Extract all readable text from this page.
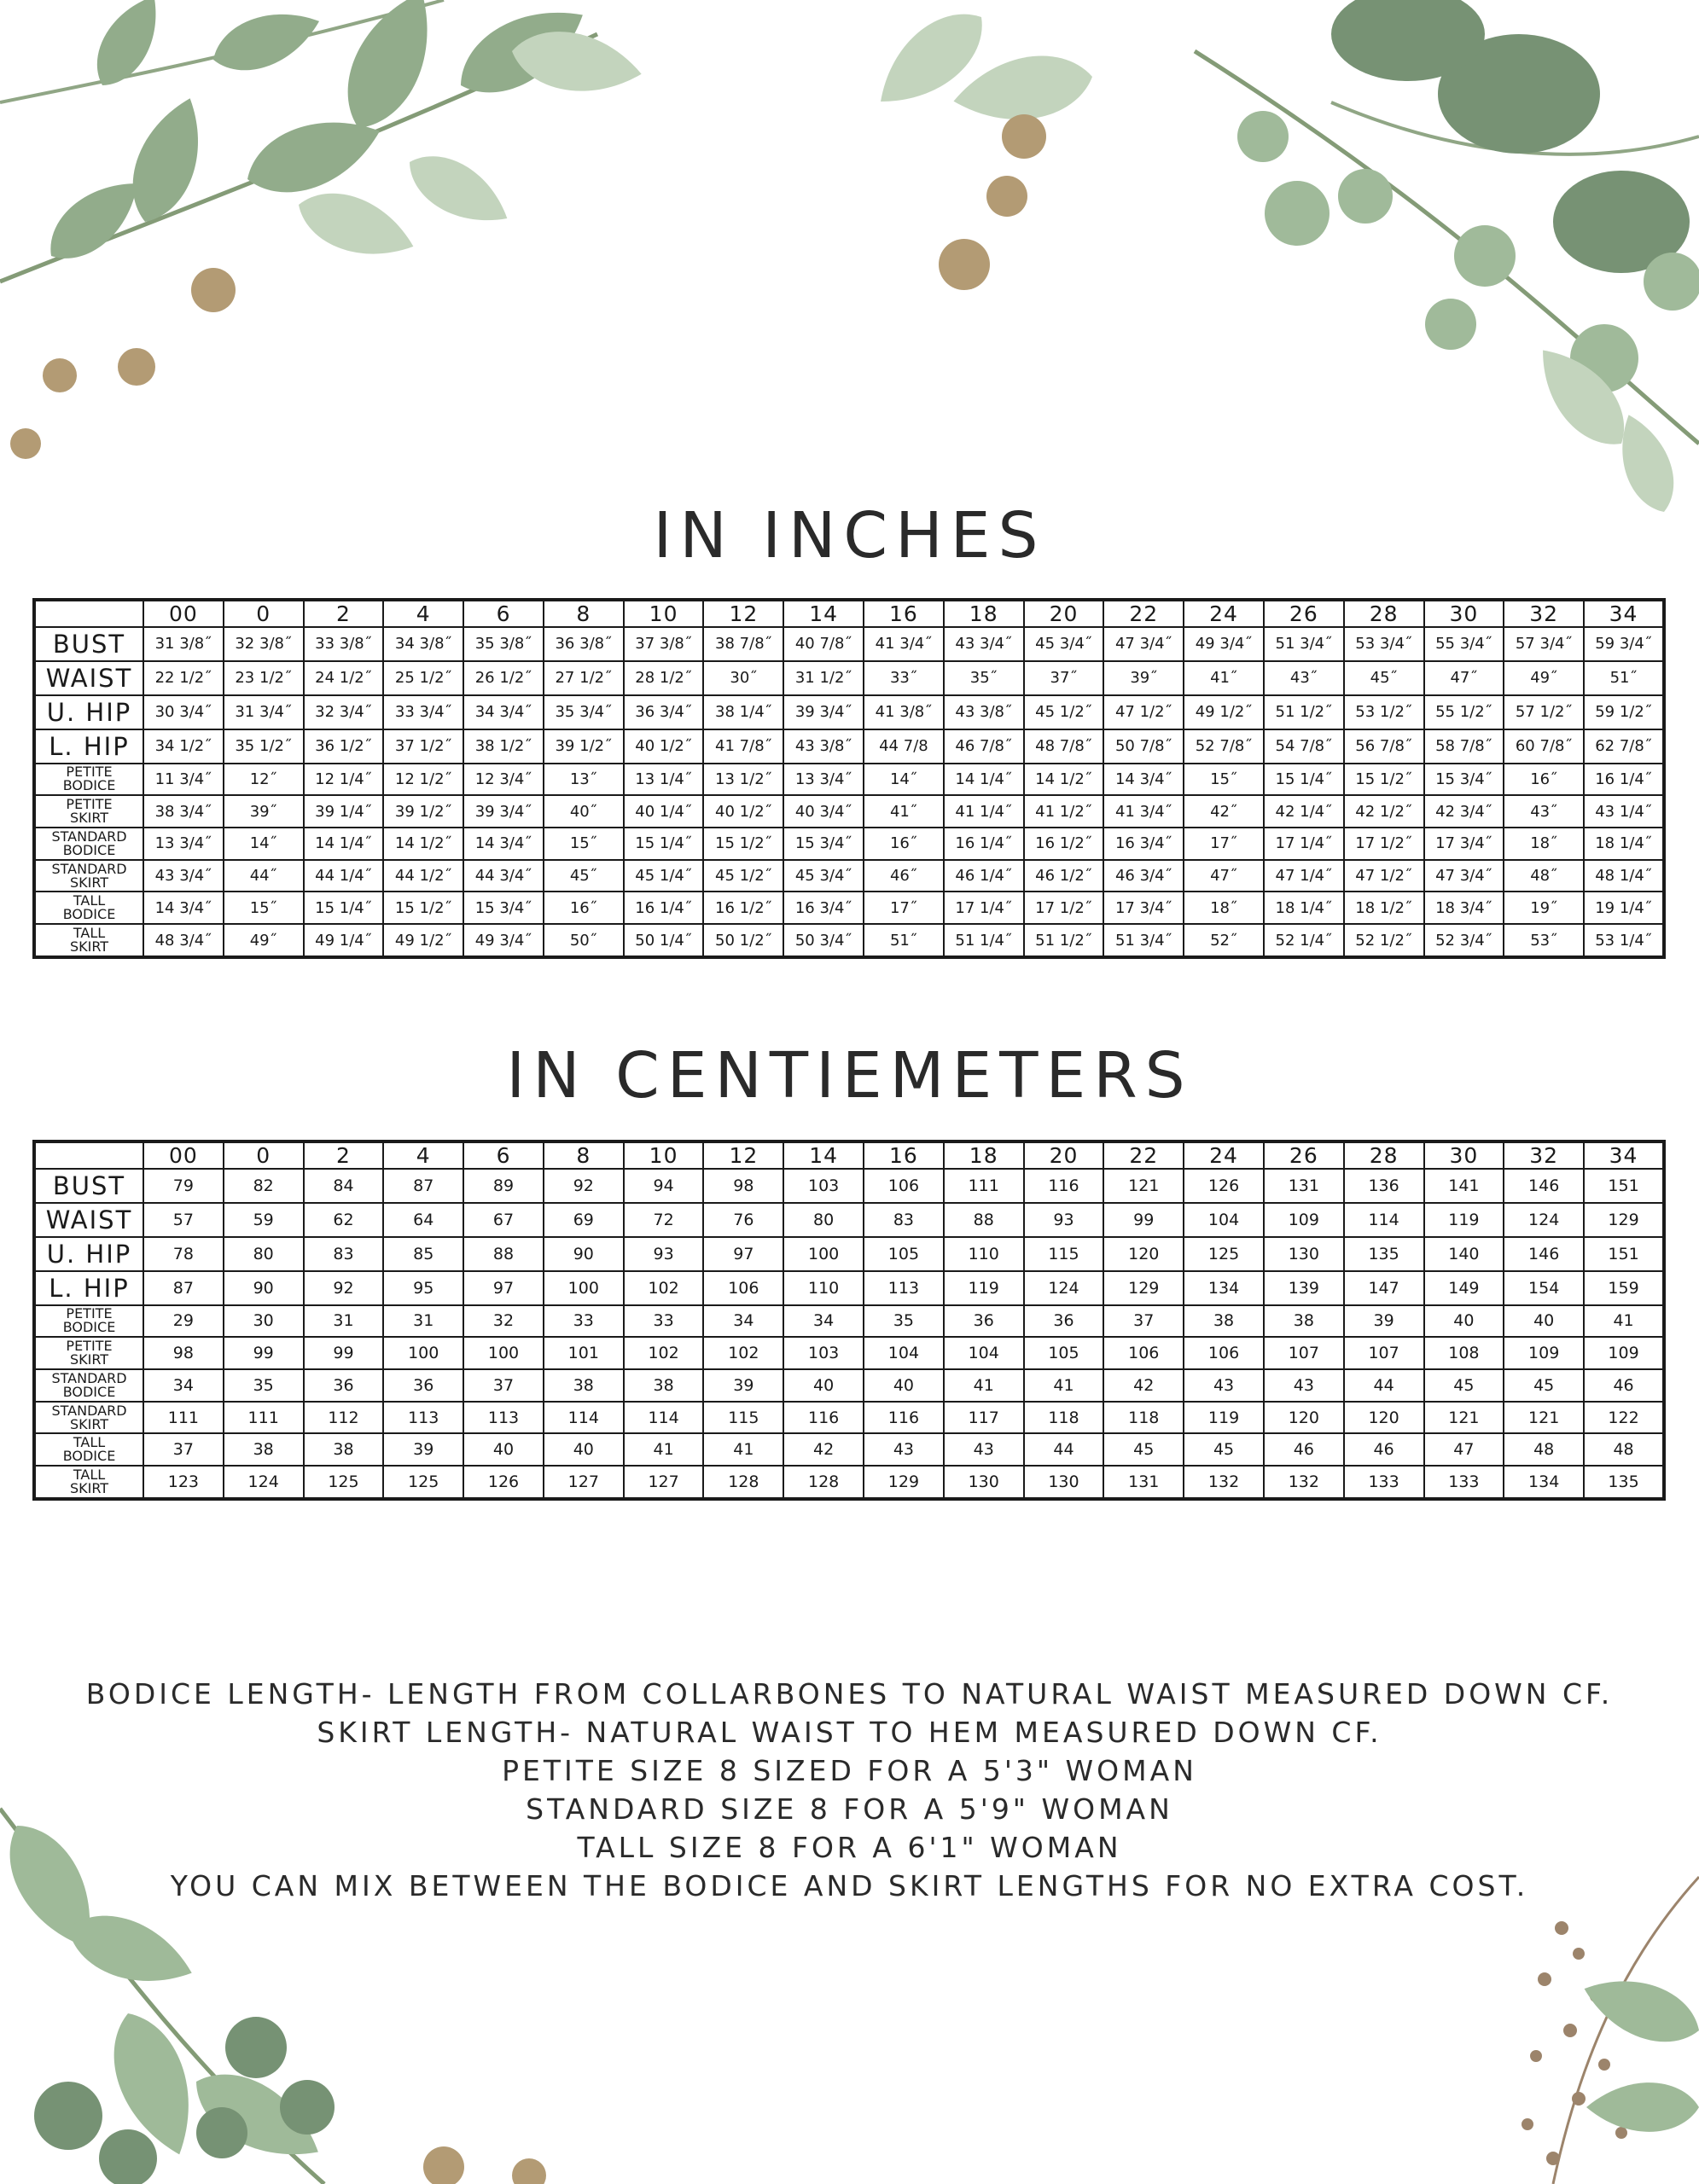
IN INCHES
	00	0	2	4	6	8	10	12	14	16	18	20	22	24	26	28	30	32	34

BUST	31 3/8˝	32 3/8˝	33 3/8˝	34 3/8˝	35 3/8˝	36 3/8˝	37 3/8˝	38 7/8˝	40 7/8˝	41 3/4˝	43 3/4˝	45 3/4˝	47 3/4˝	49 3/4˝	51 3/4˝	53 3/4˝	55 3/4˝	57 3/4˝	59 3/4˝

WAIST	22 1/2˝	23 1/2˝	24 1/2˝	25 1/2˝	26 1/2˝	27 1/2˝	28 1/2˝	30˝	31 1/2˝	33˝	35˝	37˝	39˝	41˝	43˝	45˝	47˝	49˝	51˝

U. HIP	30 3/4˝	31 3/4˝	32 3/4˝	33 3/4˝	34 3/4˝	35 3/4˝	36 3/4˝	38 1/4˝	39 3/4˝	41 3/8˝	43 3/8˝	45 1/2˝	47 1/2˝	49 1/2˝	51 1/2˝	53 1/2˝	55 1/2˝	57 1/2˝	59 1/2˝

L. HIP	34 1/2˝	35 1/2˝	36 1/2˝	37 1/2˝	38 1/2˝	39 1/2˝	40 1/2˝	41 7/8˝	43 3/8˝	44 7/8	46 7/8˝	48 7/8˝	50 7/8˝	52 7/8˝	54 7/8˝	56 7/8˝	58 7/8˝	60 7/8˝	62 7/8˝

PETITE
BODICE	11 3/4˝	12˝	12 1/4˝	12 1/2˝	12 3/4˝	13˝	13 1/4˝	13 1/2˝	13 3/4˝	14˝	14 1/4˝	14 1/2˝	14 3/4˝	15˝	15 1/4˝	15 1/2˝	15 3/4˝	16˝	16 1/4˝

PETITE
SKIRT	38 3/4˝	39˝	39 1/4˝	39 1/2˝	39 3/4˝	40˝	40 1/4˝	40 1/2˝	40 3/4˝	41˝	41 1/4˝	41 1/2˝	41 3/4˝	42˝	42 1/4˝	42 1/2˝	42 3/4˝	43˝	43 1/4˝

STANDARD
BODICE	13 3/4˝	14˝	14 1/4˝	14 1/2˝	14 3/4˝	15˝	15 1/4˝	15 1/2˝	15 3/4˝	16˝	16 1/4˝	16 1/2˝	16 3/4˝	17˝	17 1/4˝	17 1/2˝	17 3/4˝	18˝	18 1/4˝

STANDARD
SKIRT	43 3/4˝	44˝	44 1/4˝	44 1/2˝	44 3/4˝	45˝	45 1/4˝	45 1/2˝	45 3/4˝	46˝	46 1/4˝	46 1/2˝	46 3/4˝	47˝	47 1/4˝	47 1/2˝	47 3/4˝	48˝	48 1/4˝

TALL
BODICE	14 3/4˝	15˝	15 1/4˝	15 1/2˝	15 3/4˝	16˝	16 1/4˝	16 1/2˝	16 3/4˝	17˝	17 1/4˝	17 1/2˝	17 3/4˝	18˝	18 1/4˝	18 1/2˝	18 3/4˝	19˝	19 1/4˝

TALL
SKIRT	48 3/4˝	49˝	49 1/4˝	49 1/2˝	49 3/4˝	50˝	50 1/4˝	50 1/2˝	50 3/4˝	51˝	51 1/4˝	51 1/2˝	51 3/4˝	52˝	52 1/4˝	52 1/2˝	52 3/4˝	53˝	53 1/4˝
IN CENTIEMETERS
	00	0	2	4	6	8	10	12	14	16	18	20	22	24	26	28	30	32	34

BUST	79	82	84	87	89	92	94	98	103	106	111	116	121	126	131	136	141	146	151

WAIST	57	59	62	64	67	69	72	76	80	83	88	93	99	104	109	114	119	124	129

U. HIP	78	80	83	85	88	90	93	97	100	105	110	115	120	125	130	135	140	146	151

L. HIP	87	90	92	95	97	100	102	106	110	113	119	124	129	134	139	147	149	154	159

PETITE
BODICE	29	30	31	31	32	33	33	34	34	35	36	36	37	38	38	39	40	40	41

PETITE
SKIRT	98	99	99	100	100	101	102	102	103	104	104	105	106	106	107	107	108	109	109

STANDARD
BODICE	34	35	36	36	37	38	38	39	40	40	41	41	42	43	43	44	45	45	46

STANDARD
SKIRT	111	111	112	113	113	114	114	115	116	116	117	118	118	119	120	120	121	121	122

TALL
BODICE	37	38	38	39	40	40	41	41	42	43	43	44	45	45	46	46	47	48	48

TALL
SKIRT	123	124	125	125	126	127	127	128	128	129	130	130	131	132	132	133	133	134	135
BODICE LENGTH- LENGTH FROM COLLARBONES TO NATURAL WAIST MEASURED DOWN CF.
SKIRT LENGTH- NATURAL WAIST TO HEM MEASURED DOWN CF.
PETITE SIZE 8 SIZED FOR A 5'3" WOMAN
STANDARD SIZE 8 FOR A 5'9" WOMAN
TALL SIZE 8 FOR A 6'1" WOMAN
YOU CAN MIX BETWEEN THE BODICE AND SKIRT LENGTHS FOR NO EXTRA COST.
